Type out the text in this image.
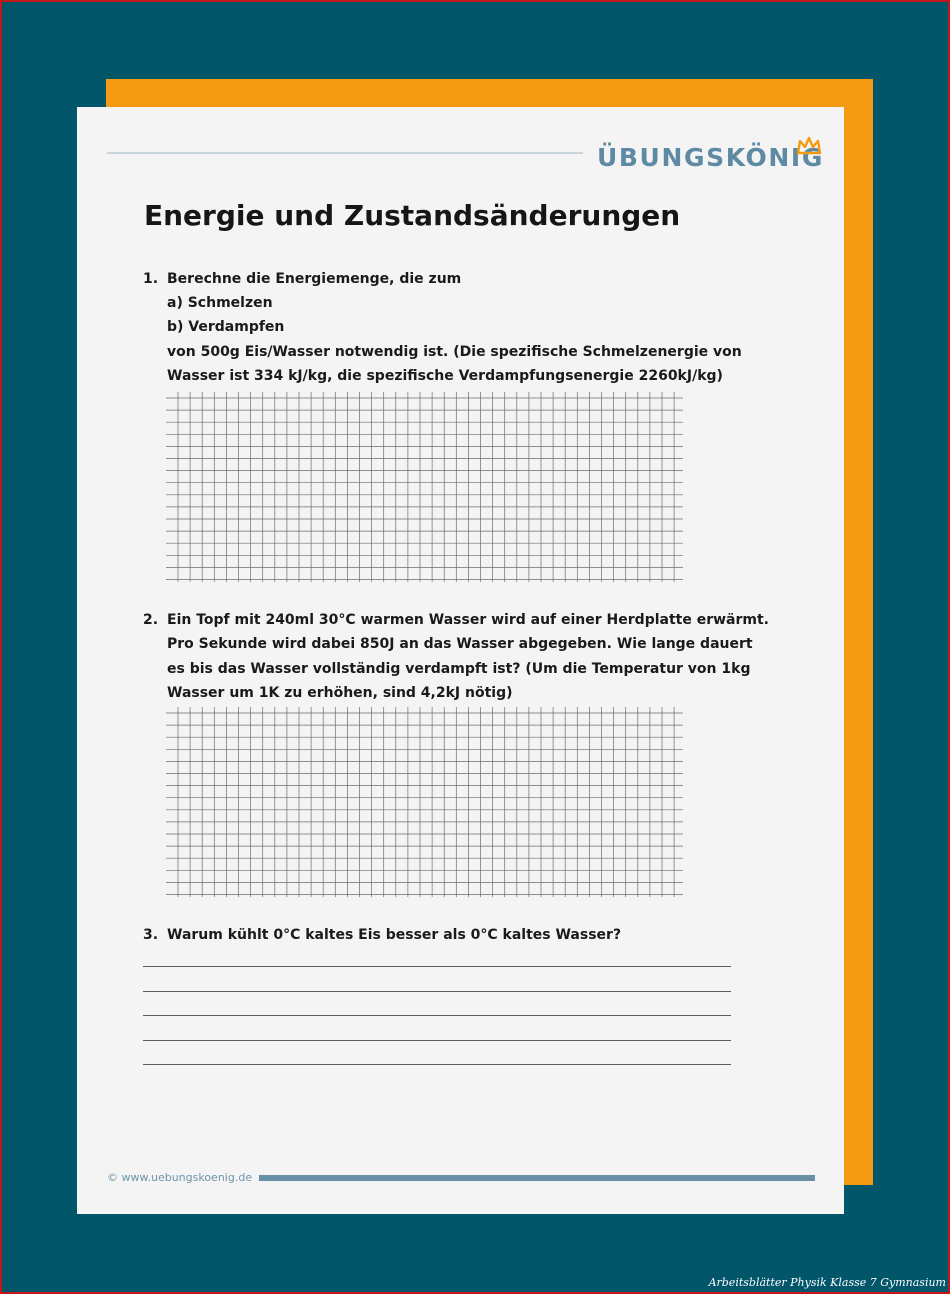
ÜBUNGSKÖNIG
Energie und Zustandsänderungen
1. Berechne die Energiemenge, die zum
a) Schmelzen
b) Verdampfen
von 500g Eis/Wasser notwendig ist. (Die spezifische Schmelzenergie von
Wasser ist 334 kJ/kg, die spezifische Verdampfungsenergie 2260kJ/kg)
2. Ein Topf mit 240ml 30°C warmen Wasser wird auf einer Herdplatte erwärmt.
Pro Sekunde wird dabei 850J an das Wasser abgegeben. Wie lange dauert
es bis das Wasser vollständig verdampft ist? (Um die Temperatur von 1kg
Wasser um 1K zu erhöhen, sind 4,2kJ nötig)
3. Warum kühlt 0°C kaltes Eis besser als 0°C kaltes Wasser?
© www.uebungskoenig.de
Arbeitsblätter Physik Klasse 7 Gymnasium
